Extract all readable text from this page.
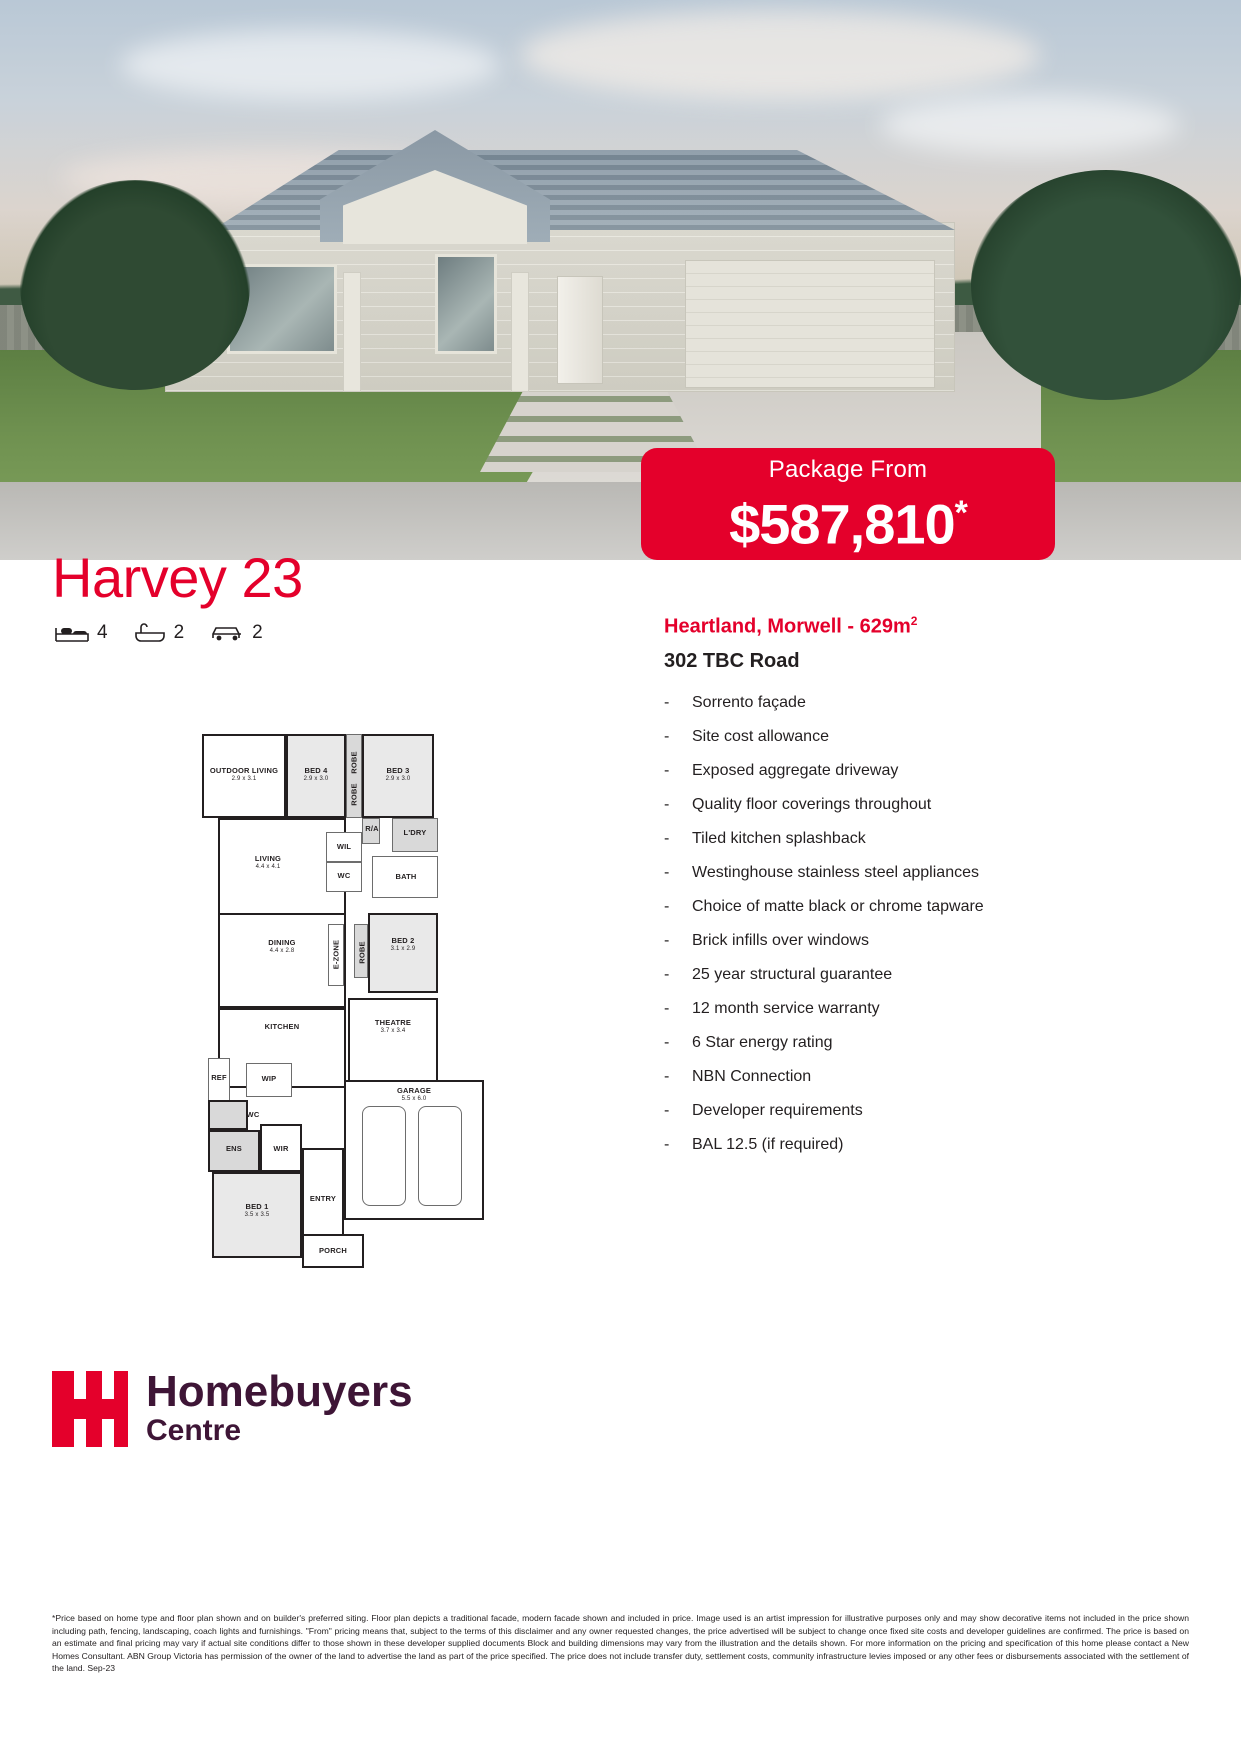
Package From
$587,810*
Harvey 23
4	2	2	Heartland, Morwell - $629m^2$
302 TBC Road
- Sorrento façade
- Site cost allowance
- Exposed aggregate driveway
- Quality floor coverings throughout
- Tiled kitchen splashback
- Westinghouse stainless steel appliances
- Choice of matte black or chrome tapware
- Brick infills over windows
- 25 year structural guarantee
- 12 month service warranty
- 6 Star energy rating
- NBN Connection
- Developer requirements
- BAL 12.5 (if required)
OUTDOOR LIVING
2.9 x 3.1
BED 4
2.9 x 3.0
ROBE
ROBE
BED 3
2.9 x 3.0
LIVING
4.4 x 4.1
WIL
R/A	L'DRY
WC	BATH
DINING
4.4 x 2.8	E-ZONE ROBE
BED 2
3.1 x 2.9
KITCHEN	THEATRE
3.7 x 3.4
WIP
REF
GARAGE
5.5 x 6.0
WC
ENS	WIR
BED 1
3.5 x 3.5
ENTRY
PORCH
Homebuyers
Centre
*Price based on home type and floor plan shown and on builder's preferred siting. Floor plan depicts a traditional facade, modern facade shown and included in price. Image used is an artist impression for illustrative purposes only and may show decorative items not included in the price shown including path, fencing, landscaping, coach lights and furnishings. "From" pricing means that, subject to the terms of this disclaimer and any owner requested changes, the price advertised will be subject to change once fixed site costs and developer guidelines are confirmed. The price is based on an estimate and final pricing may vary if actual site conditions differ to those shown in these developer supplied documents Block and building dimensions may vary from the illustration and the details shown. For more information on the pricing and specification of this home please contact a New Homes Consultant. ABN Group Victoria has permission of the owner of the land to advertise the land as part of the price specified. The price does not include transfer duty, settlement costs, community infrastructure levies imposed or any other fees or disbursements associated with the settlement of the land. Sep-23
